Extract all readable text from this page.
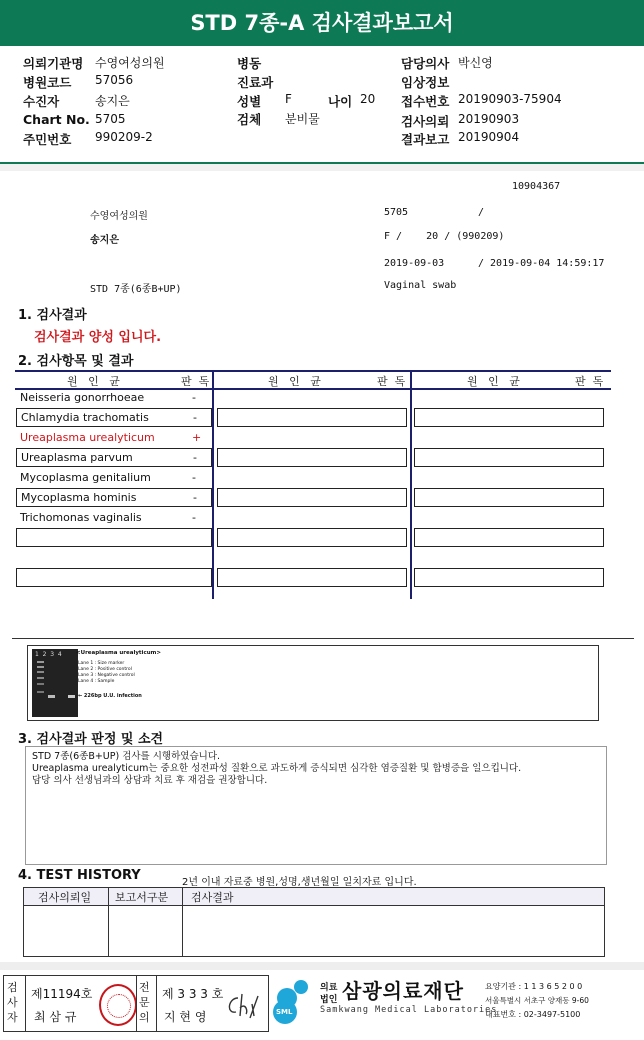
STD 7종-A 검사결과보고서
의뢰기관명 수영여성의원
병원코드 57056
수진자	송지은
Chart No. 5705
주민번호 990209-2
병동
진료과
성별 F	나이 20
검체 분비물
담당의사 박신영
임상정보
접수번호 20190903-75904
검사의뢰 20190903
결과보고 20190904
10904367
수영여성의원	5705	/
송지은	F /    20 / (990209)
2019-09-03	/ 2019-09-04 14:59:17
STD 7종(6종B+UP)	Vaginal swab
1. 검사결과
검사결과 양성 입니다.
2. 검사항목 및 결과
원   인   균	판  독	원   인   균	판  독	원   인   균	판  독
Neisseria gonorrhoeae	-
Chlamydia trachomatis	-
Ureaplasma urealyticum	+
Ureaplasma parvum	-
Mycoplasma genitalium	-
Mycoplasma hominis	-
Trichomonas vaginalis	-
1  2  3  4	<Ureaplasma urealyticum>
Lane 1 : Size marker
Lane 2 : Positive control
Lane 3 : Negative control
Lane 4 : Sample
← 226bp U.U. infection
3. 검사결과 판정 및 소견
STD 7종(6종B+UP) 검사를 시행하였습니다.
Ureaplasma urealyticum는 중요한 성전파성 질환으로 과도하게 증식되면 심각한 염증질환 및 합병증을 일으킵니다.
담당 의사 선생님과의 상담과 치료 후 재검을 권장합니다.
4. TEST HISTORY	2년 이내 자료중 병원,성명,생년월일 일치자료 입니다.
검사의뢰일 보고서구분 검사결과
검사자
제11194호
최 삼 규
전문의
제 3 3 3 호
지 현 영	SML
의료
법인 삼광의료재단
Samkwang Medical Laboratories
요양기관 : 1 1 3 6 5 2 0 0
서울특별시 서초구 양재동 9-60
대표번호 : 02-3497-5100
